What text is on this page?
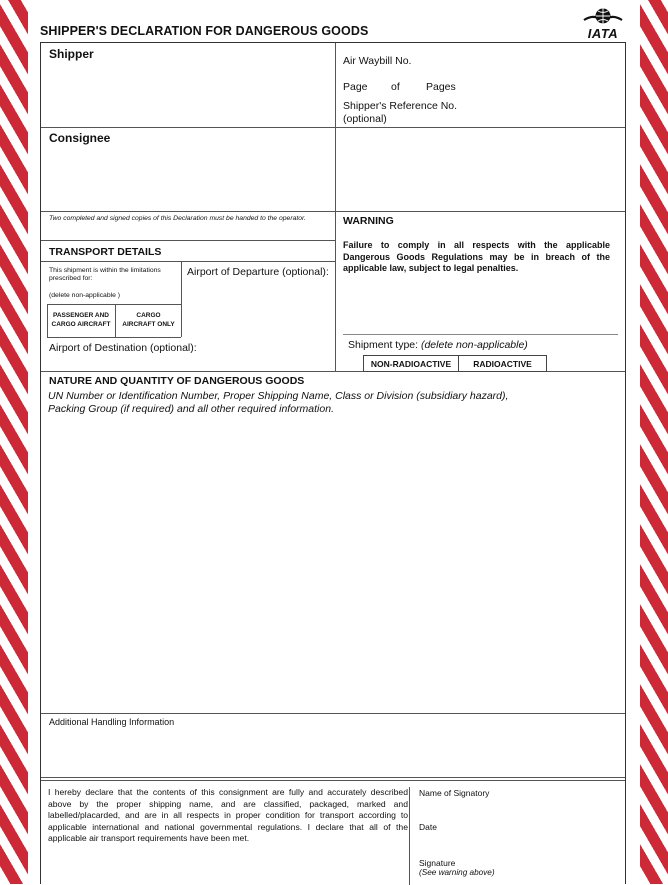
SHIPPER'S DECLARATION FOR DANGEROUS GOODS	IATA
Shipper	Air Waybill No.
Page of Pages
Shipper's Reference No.
(optional)
Consignee
Two completed and signed copies of this Declaration must be handed to the operator.	WARNING
Failure to comply in all respects with the applicable Dangerous Goods Regulations may be in breach of the applicable law, subject to legal penalties.
TRANSPORT DETAILS
This shipment is within the limitations
prescribed for:
(delete non-applicable )
PASSENGER AND
CARGO AIRCRAFT
CARGO
AIRCRAFT ONLY
Airport of Departure (optional):
Airport of Destination (optional):	Shipment type: (delete non-applicable)
NON-RADIOACTIVE	RADIOACTIVE
NATURE AND QUANTITY OF DANGEROUS GOODS
UN Number or Identification Number, Proper Shipping Name, Class or Division (subsidiary hazard), Packing Group (if required) and all other required information.
Additional Handling Information
I hereby declare that the contents of this consignment are fully and accurately described above by the proper shipping name, and are classified, packaged, marked and labelled/placarded, and are in all respects in proper condition for transport according to applicable international and national governmental regulations. I declare that all of the applicable air transport requirements have been met.
Name of Signatory
Date
Signature
(See warning above)
